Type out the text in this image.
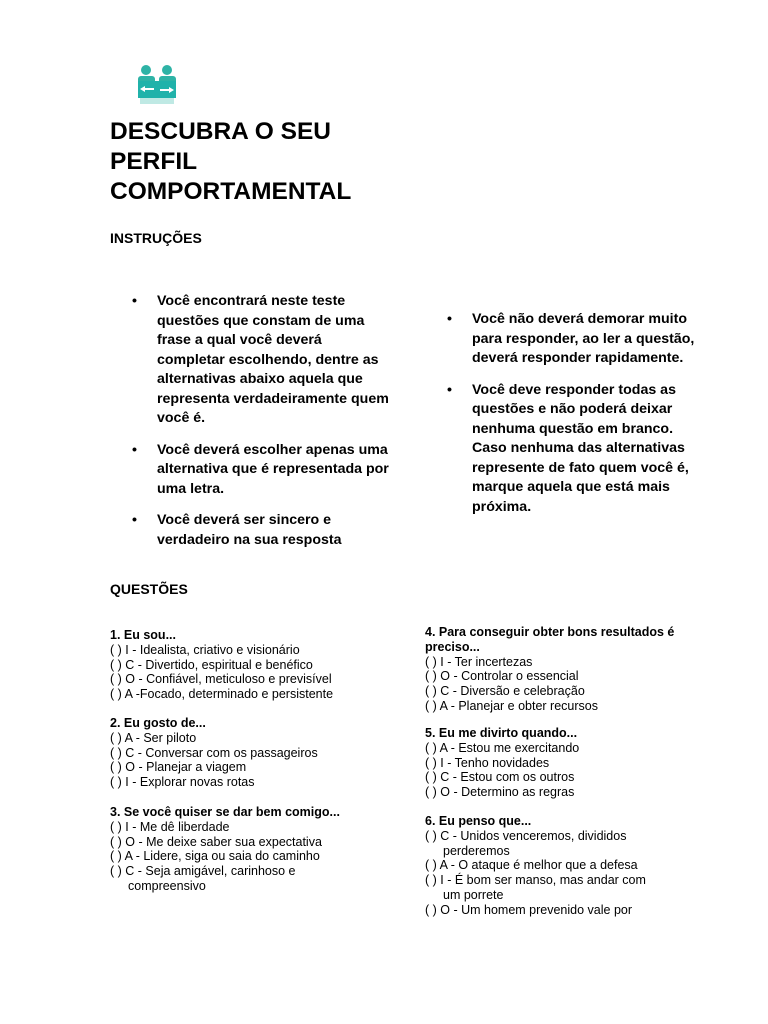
DESCUBRA O SEU
PERFIL
COMPORTAMENTAL
INSTRUÇÕES
• Você encontrará neste teste questões que constam de uma frase a qual você deverá completar escolhendo, dentre as alternativas abaixo aquela que representa verdadeiramente quem você é.
• Você deverá escolher apenas uma alternativa que é representada por uma letra.
• Você deverá ser sincero e verdadeiro na sua resposta
• Você não deverá demorar muito para responder, ao ler a questão, deverá responder rapidamente.
• Você deve responder todas as questões e não poderá deixar nenhuma questão em branco. Caso nenhuma das alternativas represente de fato quem você é, marque aquela que está mais próxima.
QUESTÕES
1. Eu sou...
( ) I - Idealista, criativo e visionário
( ) C - Divertido, espiritual e benéfico
( ) O - Confiável, meticuloso e previsível
( ) A -Focado, determinado e persistente
2. Eu gosto de...
( ) A - Ser piloto
( ) C - Conversar com os passageiros
( ) O - Planejar a viagem
( ) I - Explorar novas rotas
3. Se você quiser se dar bem comigo...
( ) I - Me dê liberdade
( ) O - Me deixe saber sua expectativa
( ) A - Lidere, siga ou saia do caminho
( ) C - Seja amigável, carinhoso e
compreensivo
4. Para conseguir obter bons resultados é preciso...
( ) I - Ter incertezas
( ) O - Controlar o essencial
( ) C - Diversão e celebração
( ) A - Planejar e obter recursos
5. Eu me divirto quando...
( ) A - Estou me exercitando
( ) I - Tenho novidades
( ) C - Estou com os outros
( ) O - Determino as regras
6. Eu penso que...
( ) C - Unidos venceremos, divididos
perderemos
( ) A - O ataque é melhor que a defesa
( ) I - É bom ser manso, mas andar com
um porrete
( ) O - Um homem prevenido vale por
